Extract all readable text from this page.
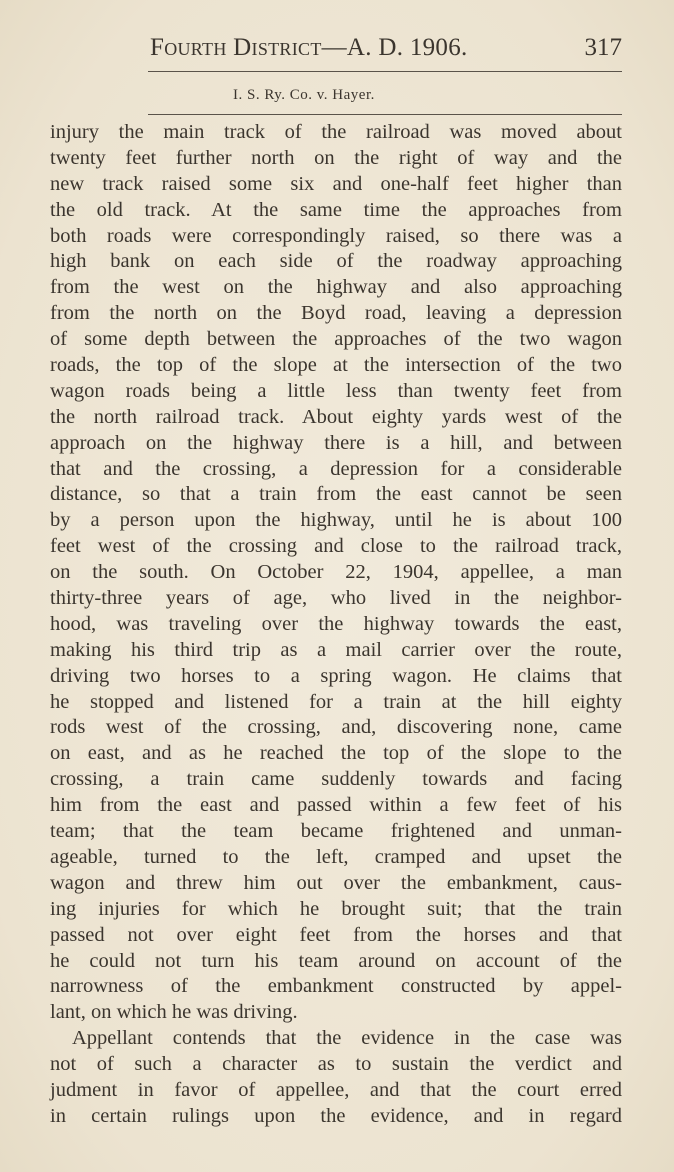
Fourth District—A. D. 1906.	317
I. S. Ry. Co. v. Hayer.
injury the main track of the railroad was moved about
twenty feet further north on the right of way and the
new track raised some six and one-half feet higher than
the old track. At the same time the approaches from
both roads were correspondingly raised, so there was a
high bank on each side of the roadway approaching
from the west on the highway and also approaching
from the north on the Boyd road, leaving a depression
of some depth between the approaches of the two wagon
roads, the top of the slope at the intersection of the two
wagon roads being a little less than twenty feet from
the north railroad track. About eighty yards west of the
approach on the highway there is a hill, and between
that and the crossing, a depression for a considerable
distance, so that a train from the east cannot be seen
by a person upon the highway, until he is about 100
feet west of the crossing and close to the railroad track,
on the south. On October 22, 1904, appellee, a man
thirty-three years of age, who lived in the neighbor-
hood, was traveling over the highway towards the east,
making his third trip as a mail carrier over the route,
driving two horses to a spring wagon. He claims that
he stopped and listened for a train at the hill eighty
rods west of the crossing, and, discovering none, came
on east, and as he reached the top of the slope to the
crossing, a train came suddenly towards and facing
him from the east and passed within a few feet of his
team; that the team became frightened and unman-
ageable, turned to the left, cramped and upset the
wagon and threw him out over the embankment, caus-
ing injuries for which he brought suit; that the train
passed not over eight feet from the horses and that
he could not turn his team around on account of the
narrowness of the embankment constructed by appel-
lant, on which he was driving.
Appellant contends that the evidence in the case was
not of such a character as to sustain the verdict and
judment in favor of appellee, and that the court erred
in certain rulings upon the evidence, and in regard
